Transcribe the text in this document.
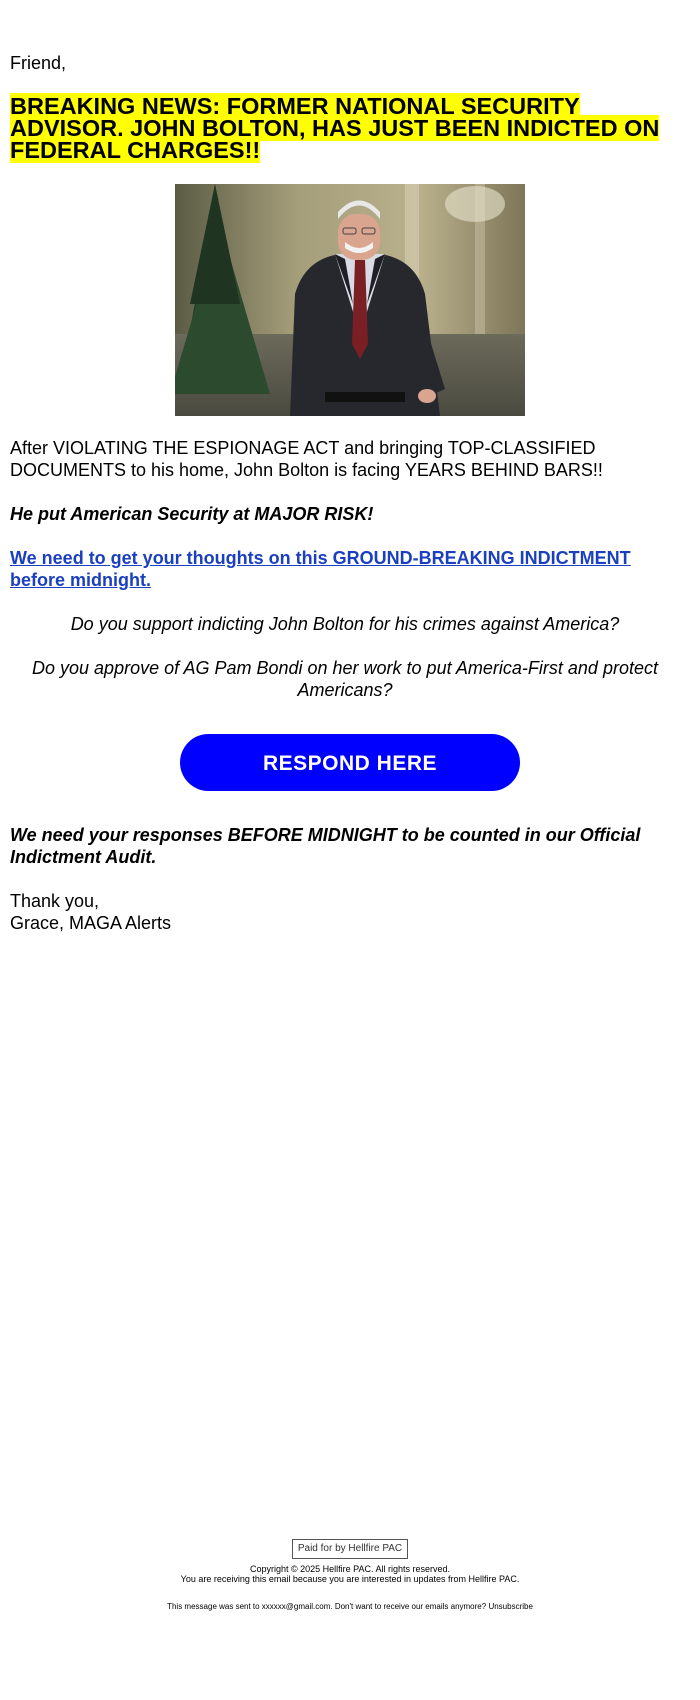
Friend,

BREAKING NEWS: FORMER NATIONAL SECURITY ADVISOR. JOHN BOLTON, HAS JUST BEEN INDICTED ON FEDERAL CHARGES!!

After VIOLATING THE ESPIONAGE ACT and bringing TOP-CLASSIFIED DOCUMENTS to his home, John Bolton is facing YEARS BEHIND BARS!!

He put American Security at MAJOR RISK!

We need to get your thoughts on this GROUND-BREAKING INDICTMENT before midnight.

Do you support indicting John Bolton for his crimes against America?

Do you approve of AG Pam Bondi on her work to put America-First and protect Americans?

RESPOND HERE

We need your responses BEFORE MIDNIGHT to be counted in our Official Indictment Audit.

Thank you,

Grace, MAGA Alerts

Paid for by Hellfire PAC

Copyright © 2025 Hellfire PAC. All rights reserved.

You are receiving this email because you are interested in updates from Hellfire PAC.

This message was sent to xxxxxx@gmail.com. Don't want to receive our emails anymore? Unsubscribe
